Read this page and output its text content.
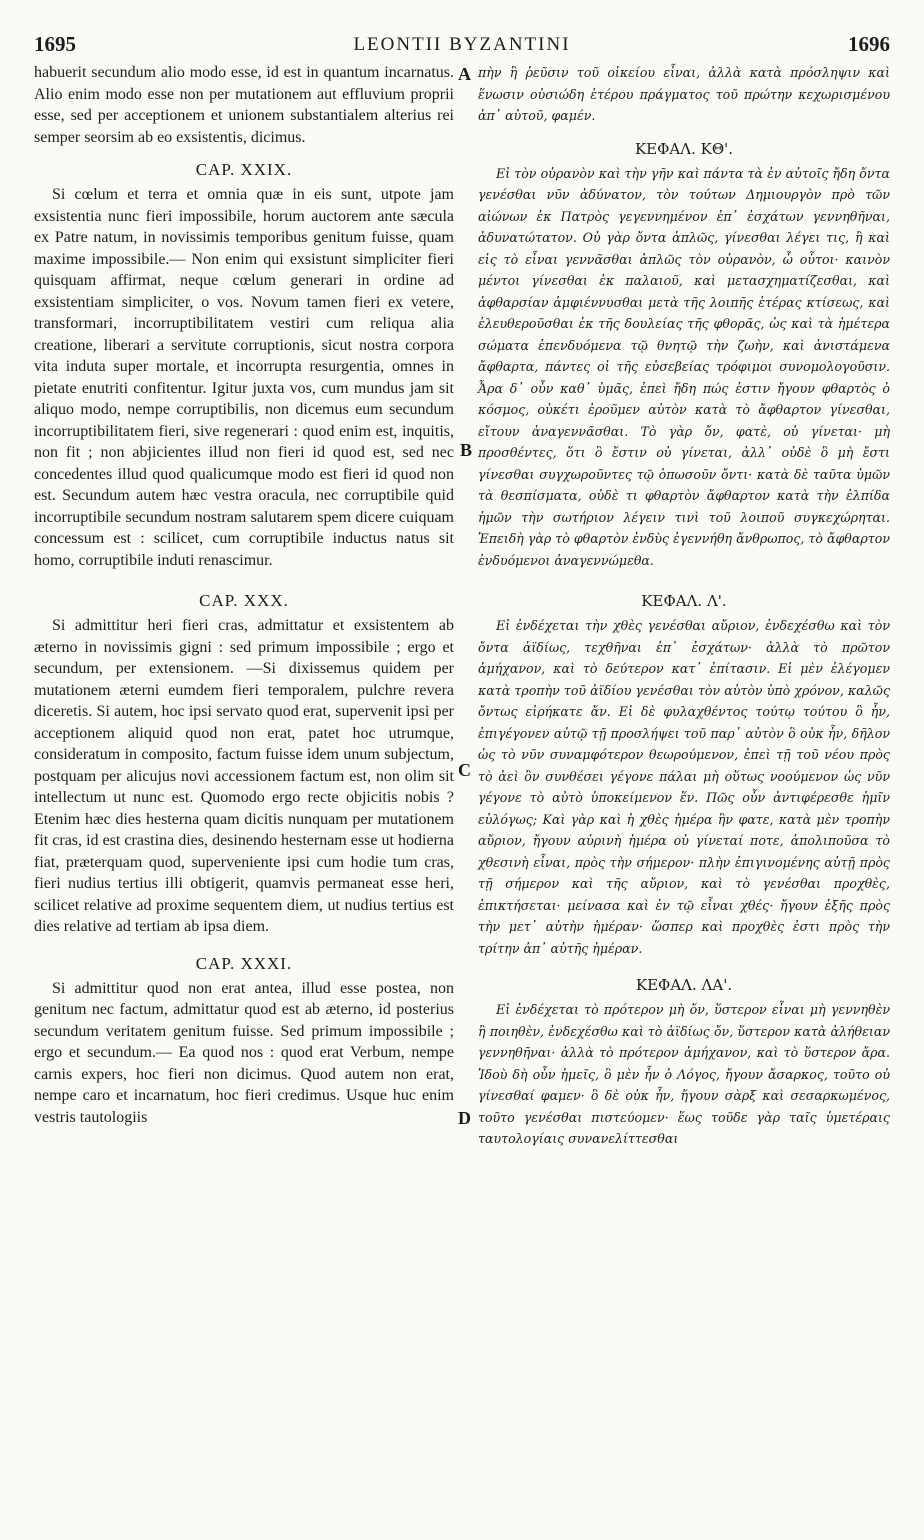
1695	LEONTII BYZANTINI	1696
A
B
C
D

habuerit secundum alio modo esse, id est in quantum incarnatus. Alio enim modo esse non per mutationem aut effluvium proprii esse, sed per acceptionem et unionem substantialem alterius rei semper seorsim ab eo exsistentis, dicimus.

CAP. XXIX.

Si cœlum et terra et omnia quæ in eis sunt, utpote jam exsistentia nunc fieri impossibile, horum auctorem ante sæcula ex Patre natum, in novissimis temporibus genitum fuisse, quam maxime impossibile.— Non enim qui exsistunt simpliciter fieri quisquam affirmat, neque cœlum generari in ordine ad exsistentiam simpliciter, o vos. Novum tamen fieri ex vetere, transformari, incorruptibilitatem vestiri cum reliqua alia creatione, liberari a servitute corruptionis, sicut nostra corpora vita induta super mortale, et incorrupta resurgentia, omnes in pietate enutriti confitentur. Igitur juxta vos, cum mundus jam sit aliquo modo, nempe corruptibilis, non dicemus eum secundum incorruptibilitatem fieri, sive regenerari : quod enim est, inquitis, non fit ; non abjicientes illud non fieri id quod est, sed nec concedentes illud quod qualicumque modo est fieri id quod non est. Secundum autem hæc vestra oracula, nec corruptibile quid incorruptibile secundum nostram salutarem spem dicere cuiquam concessum est : scilicet, cum corruptibile inductus natus sit homo, corruptibile induti renascimur.

CAP. XXX.

Si admittitur heri fieri cras, admittatur et exsistentem ab æterno in novissimis gigni : sed primum impossibile ; ergo et secundum, per extensionem. —Si dixissemus quidem per mutationem æterni eumdem fieri temporalem, pulchre revera diceretis. Si autem, hoc ipsi servato quod erat, supervenit ipsi per acceptionem aliquid quod non erat, patet hoc utrumque, consideratum in composito, factum fuisse idem unum subjectum, postquam per alicujus novi accessionem factum est, non olim sit intellectum ut nunc est. Quomodo ergo recte objicitis nobis ? Etenim hæc dies hesterna quam dicitis nunquam per mutationem fit cras, id est crastina dies, desinendo hesternam esse ut hodierna fiat, præterquam quod, superveniente ipsi cum hodie tum cras, fieri nudius tertius illi obtigerit, quamvis permaneat esse heri, scilicet relative ad proxime sequentem diem, ut nudius tertius est dies relative ad tertiam ab ipsa diem.

CAP. XXXI.

Si admittitur quod non erat antea, illud esse postea, non genitum nec factum, admittatur quod est ab æterno, id posterius secundum veritatem genitum fuisse. Sed primum impossibile ; ergo et secundum.— Ea quod nos : quod erat Verbum, nempe carnis expers, hoc fieri non dicimus. Quod autem non erat, nempe caro et incarnatum, hoc fieri credimus. Usque huc enim vestris tautologiis

πὴν ἢ ῥεῦσιν τοῦ οἰκείου εἶναι, ἀλλὰ κατὰ πρόσληψιν καὶ ἕνωσιν οὐσιώδη ἑτέρου πράγματος τοῦ πρώτην κεχωρισμένου ἀπ᾽ αὐτοῦ, φαμέν.

ΚΕΦΑΛ. ΚΘ'.

Εἰ τὸν οὐρανὸν καὶ τὴν γῆν καὶ πάντα τὰ ἐν αὐτοῖς ἤδη ὄντα γενέσθαι νῦν ἀδύνατον, τὸν τούτων Δημιουργὸν πρὸ τῶν αἰώνων ἐκ Πατρὸς γεγεννημένον ἐπ᾽ ἐσχάτων γεννηθῆναι, ἀδυνατώτατον. Οὐ γὰρ ὄντα ἁπλῶς, γίνεσθαι λέγει τις, ἢ καὶ εἰς τὸ εἶναι γεννᾶσθαι ἁπλῶς τὸν οὐρανὸν, ὦ οὗτοι· καινὸν μέντοι γίνεσθαι ἐκ παλαιοῦ, καὶ μετασχηματίζεσθαι, καὶ ἀφθαρσίαν ἀμφιέννυσθαι μετὰ τῆς λοιπῆς ἑτέρας κτίσεως, καὶ ἐλευθεροῦσθαι ἐκ τῆς δουλείας τῆς φθορᾶς, ὡς καὶ τὰ ἡμέτερα σώματα ἐπενδυόμενα τῷ θνητῷ τὴν ζωὴν, καὶ ἀνιστάμενα ἄφθαρτα, πάντες οἱ τῆς εὐσεβείας τρόφιμοι συνομολογοῦσιν. Ἆρα δ᾽ οὖν καθ᾽ ὑμᾶς, ἐπεὶ ἤδη πώς ἐστιν ἤγουν φθαρτὸς ὁ κόσμος, οὐκέτι ἐροῦμεν αὐτὸν κατὰ τὸ ἄφθαρτον γίνεσθαι, εἴτουν ἀναγεννᾶσθαι. Τὸ γὰρ ὄν, φατὲ, οὐ γίνεται· μὴ προσθέντες, ὅτι ὃ ἔστιν οὐ γίνεται, ἀλλ᾽ οὐδὲ ὃ μὴ ἔστι γίνεσθαι συγχωροῦντες τῷ ὁπωσοῦν ὄντι· κατὰ δὲ ταῦτα ὑμῶν τὰ θεσπίσματα, οὐδὲ τι φθαρτὸν ἄφθαρτον κατὰ τὴν ἐλπίδα ἡμῶν τὴν σωτήριον λέγειν τινὶ τοῦ λοιποῦ συγκεχώρηται. Ἐπειδὴ γὰρ τὸ φθαρτὸν ἐνδὺς ἐγεννήθη ἄνθρωπος, τὸ ἄφθαρτον ἐνδυόμενοι ἀναγεννώμεθα.

ΚΕΦΑΛ. Λ'.

Εἰ ἐνδέχεται τὴν χθὲς γενέσθαι αὔριον, ἐνδεχέσθω καὶ τὸν ὄντα ἀϊδίως, τεχθῆναι ἐπ᾽ ἐσχάτων· ἀλλὰ τὸ πρῶτον ἀμήχανον, καὶ τὸ δεύτερον κατ᾽ ἐπίτασιν. Εἰ μὲν ἐλέγομεν κατὰ τροπὴν τοῦ ἀϊδίου γενέσθαι τὸν αὐτὸν ὑπὸ χρόνον, καλῶς ὄντως εἰρήκατε ἄν. Εἰ δὲ φυλαχθέντος τούτῳ τούτου ὃ ἦν, ἐπιγέγονεν αὐτῷ τῇ προσλήψει τοῦ παρ᾽ αὐτὸν ὃ οὐκ ἦν, δῆλον ὡς τὸ νῦν συναμφότερον θεωρούμενον, ἐπεὶ τῇ τοῦ νέου πρὸς τὸ ἀεὶ ὂν συνθέσει γέγονε πάλαι μὴ οὕτως νοούμενον ὡς νῦν γέγονε τὸ αὐτὸ ὑποκείμενον ἕν. Πῶς οὖν ἀντιφέρεσθε ἡμῖν εὐλόγως; Καὶ γὰρ καὶ ἡ χθὲς ἡμέρα ἣν φατε, κατὰ μὲν τροπὴν αὔριον, ἤγουν αὐρινὴ ἡμέρα οὐ γίνεταί ποτε, ἀπολιποῦσα τὸ χθεσινὴ εἶναι, πρὸς τὴν σήμερον· πλὴν ἐπιγινομένης αὐτῇ πρὸς τῇ σήμερον καὶ τῆς αὔριον, καὶ τὸ γενέσθαι προχθὲς, ἐπικτήσεται· μείνασα καὶ ἐν τῷ εἶναι χθές· ἤγουν ἑξῆς πρὸς τὴν μετ᾽ αὐτὴν ἡμέραν· ὥσπερ καὶ προχθὲς ἐστι πρὸς τὴν τρίτην ἀπ᾽ αὐτῆς ἡμέραν.

ΚΕΦΑΛ. ΛΑ'.

Εἰ ἐνδέχεται τὸ πρότερον μὴ ὄν, ὕστερον εἶναι μὴ γεννηθὲν ἢ ποιηθὲν, ἐνδεχέσθω καὶ τὸ ἀϊδίως ὄν, ὕστερον κατὰ ἀλήθειαν γεννηθῆναι· ἀλλὰ τὸ πρότερον ἀμήχανον, καὶ τὸ ὕστερον ἄρα. Ἰδοὺ δὴ οὖν ἡμεῖς, ὃ μὲν ἦν ὁ Λόγος, ἤγουν ἄσαρκος, τοῦτο οὐ γίνεσθαί φαμεν· ὃ δὲ οὐκ ἦν, ἤγουν σὰρξ καὶ σεσαρκωμένος, τοῦτο γενέσθαι πιστεύομεν· ἕως τοῦδε γὰρ ταῖς ὑμετέραις ταυτολογίαις συνανελίττεσθαι
